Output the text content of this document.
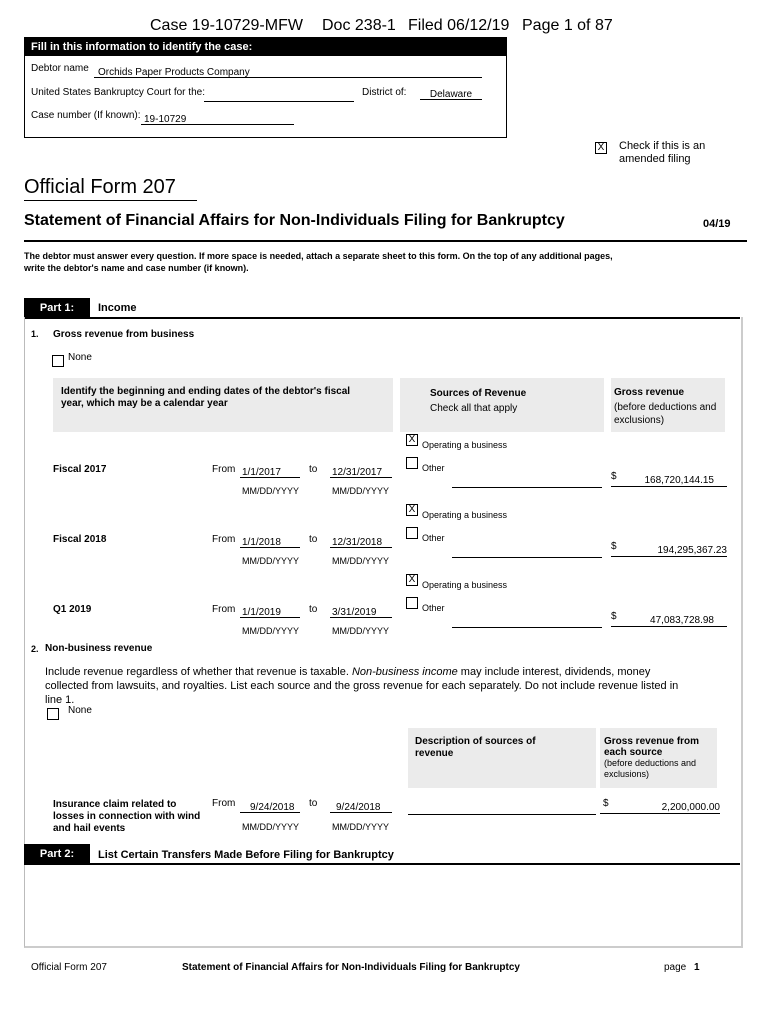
Case 19-10729-MFW Doc 238-1 Filed 06/12/19 Page 1 of 87
Fill in this information to identify the case:
Debtor name Orchids Paper Products Company
United States Bankruptcy Court for the:	District of:	Delaware
Case number (If known): 19-10729
X Check if this is an
amended filing
Official Form 207
Statement of Financial Affairs for Non-Individuals Filing for Bankruptcy	04/19
The debtor must answer every question. If more space is needed, attach a separate sheet to this form. On the top of any additional pages,
write the debtor's name and case number (if known).
Part 1:	Income
1. Gross revenue from business
None
Identify the beginning and ending dates of the debtor's fiscal
year, which may be a calendar year
Sources of Revenue
Check all that apply
Gross revenue
(before deductions and
exclusions)
X Operating a business
Fiscal 2017	From 1/1/2017	to 12/31/2017
MM/DD/YYYY	MM/DD/YYYY
Other
$	168,720,144.15
X Operating a business
Fiscal 2018	From 1/1/2018	to 12/31/2018
MM/DD/YYYY	MM/DD/YYYY
Other
$	194,295,367.23
X Operating a business
Q1 2019	From 1/1/2019	to 3/31/2019
MM/DD/YYYY	MM/DD/YYYY
Other
$	47,083,728.98
2. Non-business revenue
Include revenue regardless of whether that revenue is taxable. Non-business income may include interest, dividends, money
collected from lawsuits, and royalties. List each source and the gross revenue for each separately. Do not include revenue listed in
line 1.
None
Description of sources of
revenue
Gross revenue from
each source
(before deductions and
exclusions)
Insurance claim related to
losses in connection with wind
and hail events
From	9/24/2018	to	9/24/2018
MM/DD/YYYY	MM/DD/YYYY
$	2,200,000.00
Part 2:	List Certain Transfers Made Before Filing for Bankruptcy
Official Form 207	Statement of Financial Affairs for Non-Individuals Filing for Bankruptcy	page 1
